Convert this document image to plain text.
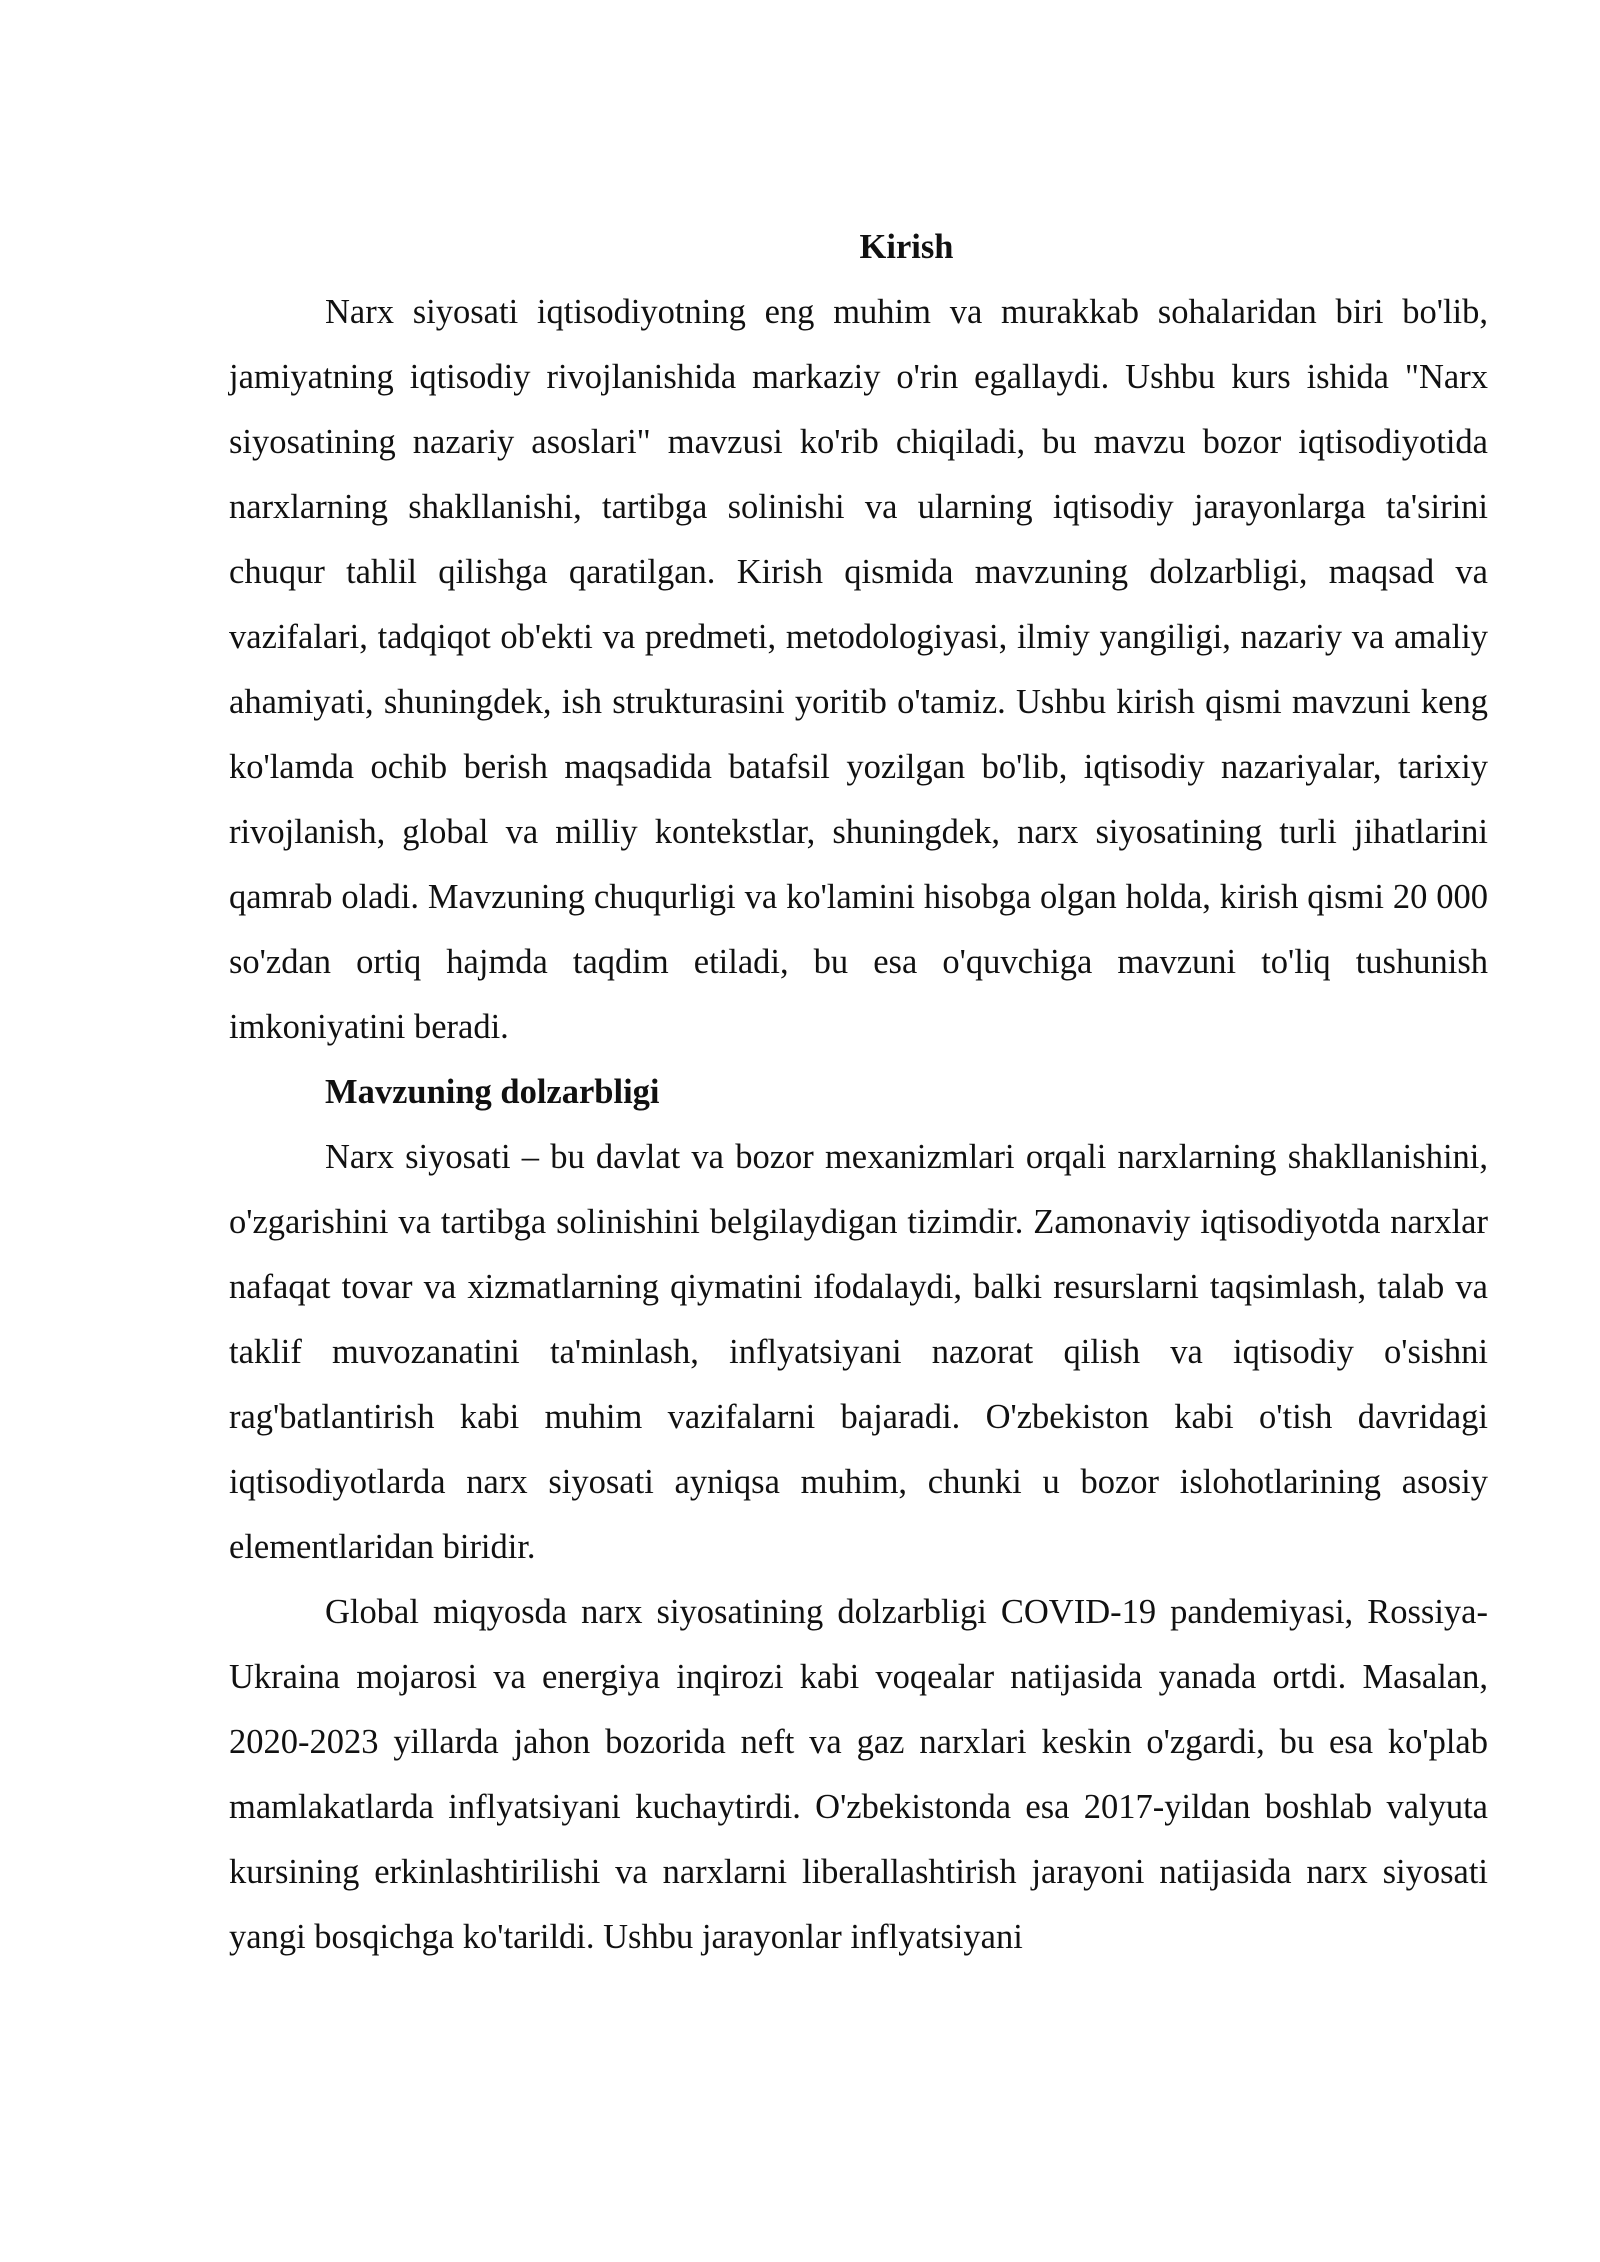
Kirish

Narx siyosati iqtisodiyotning eng muhim va murakkab sohalaridan biri bo'lib, jamiyatning iqtisodiy rivojlanishida markaziy o'rin egallaydi. Ushbu kurs ishida "Narx siyosatining nazariy asoslari" mavzusi ko'rib chiqiladi, bu mavzu bozor iqtisodiyotida narxlarning shakllanishi, tartibga solinishi va ularning iqtisodiy jarayonlarga ta'sirini chuqur tahlil qilishga qaratilgan. Kirish qismida mavzuning dolzarbligi, maqsad va vazifalari, tadqiqot ob'ekti va predmeti, metodologiyasi, ilmiy yangiligi, nazariy va amaliy ahamiyati, shuningdek, ish strukturasini yoritib o'tamiz. Ushbu kirish qismi mavzuni keng ko'lamda ochib berish maqsadida batafsil yozilgan bo'lib, iqtisodiy nazariyalar, tarixiy rivojlanish, global va milliy kontekstlar, shuningdek, narx siyosatining turli jihatlarini qamrab oladi. Mavzuning chuqurligi va ko'lamini hisobga olgan holda, kirish qismi 20 000 so'zdan ortiq hajmda taqdim etiladi, bu esa o'quvchiga mavzuni to'liq tushunish imkoniyatini beradi.

Mavzuning dolzarbligi

Narx siyosati – bu davlat va bozor mexanizmlari orqali narxlarning shakllanishini, o'zgarishini va tartibga solinishini belgilaydigan tizimdir. Zamonaviy iqtisodiyotda narxlar nafaqat tovar va xizmatlarning qiymatini ifodalaydi, balki resurslarni taqsimlash, talab va taklif muvozanatini ta'minlash, inflyatsiyani nazorat qilish va iqtisodiy o'sishni rag'batlantirish kabi muhim vazifalarni bajaradi. O'zbekiston kabi o'tish davridagi iqtisodiyotlarda narx siyosati ayniqsa muhim, chunki u bozor islohotlarining asosiy elementlaridan biridir.

Global miqyosda narx siyosatining dolzarbligi COVID-19 pandemiyasi, Rossiya-Ukraina mojarosi va energiya inqirozi kabi voqealar natijasida yanada ortdi. Masalan, 2020-2023 yillarda jahon bozorida neft va gaz narxlari keskin o'zgardi, bu esa ko'plab mamlakatlarda inflyatsiyani kuchaytirdi. O'zbekistonda esa 2017-yildan boshlab valyuta kursining erkinlashtirilishi va narxlarni liberallashtirish jarayoni natijasida narx siyosati yangi bosqichga ko'tarildi. Ushbu jarayonlar inflyatsiyani
